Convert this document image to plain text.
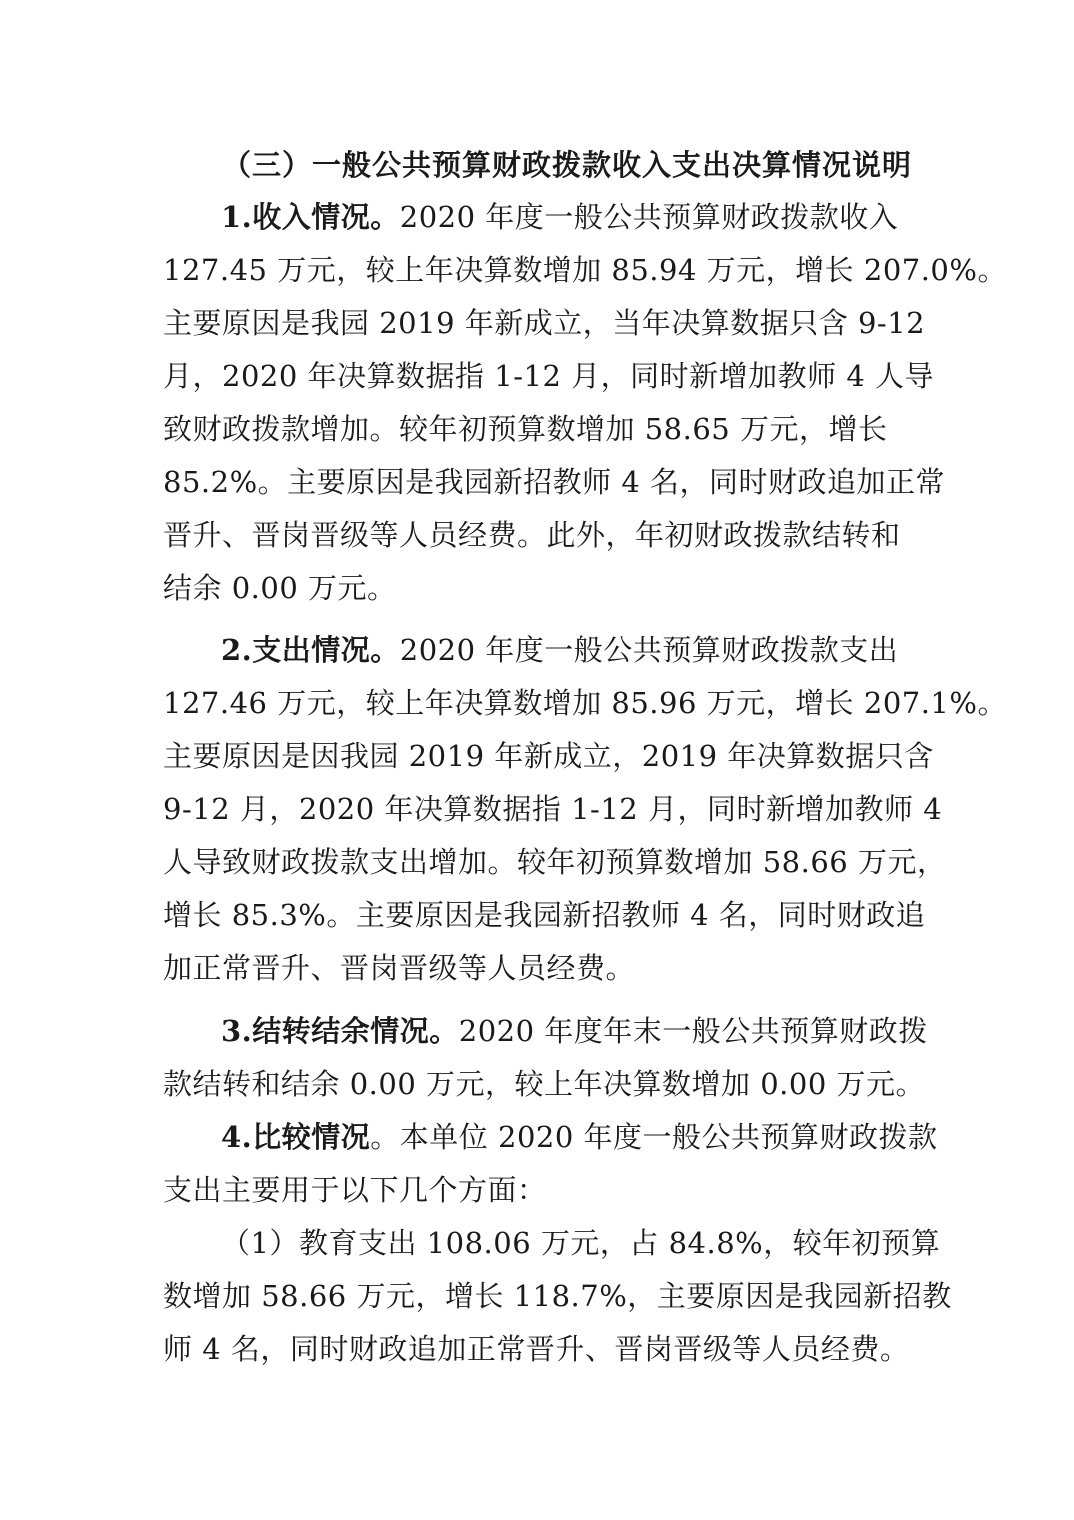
（三）一般公共预算财政拨款收入支出决算情况说明
1.收入情况。2020 年度一般公共预算财政拨款收入
127.45 万元，较上年决算数增加 85.94 万元，增长 207.0%。
主要原因是我园 2019 年新成立，当年决算数据只含 9-12
月，2020 年决算数据指 1-12 月，同时新增加教师 4 人导
致财政拨款增加。较年初预算数增加 58.65 万元，增长
85.2%。主要原因是我园新招教师 4 名，同时财政追加正常
晋升、晋岗晋级等人员经费。此外，年初财政拨款结转和
结余 0.00 万元。
2.支出情况。2020 年度一般公共预算财政拨款支出
127.46 万元，较上年决算数增加 85.96 万元，增长 207.1%。
主要原因是因我园 2019 年新成立，2019 年决算数据只含
9-12 月，2020 年决算数据指 1-12 月，同时新增加教师 4
人导致财政拨款支出增加。较年初预算数增加 58.66 万元，
增长 85.3%。主要原因是我园新招教师 4 名，同时财政追
加正常晋升、晋岗晋级等人员经费。
3.结转结余情况。2020 年度年末一般公共预算财政拨
款结转和结余 0.00 万元，较上年决算数增加 0.00 万元。
4.比较情况。本单位 2020 年度一般公共预算财政拨款
支出主要用于以下几个方面：
（1）教育支出 108.06 万元，占 84.8%，较年初预算
数增加 58.66 万元，增长 118.7%，主要原因是我园新招教
师 4 名，同时财政追加正常晋升、晋岗晋级等人员经费。
